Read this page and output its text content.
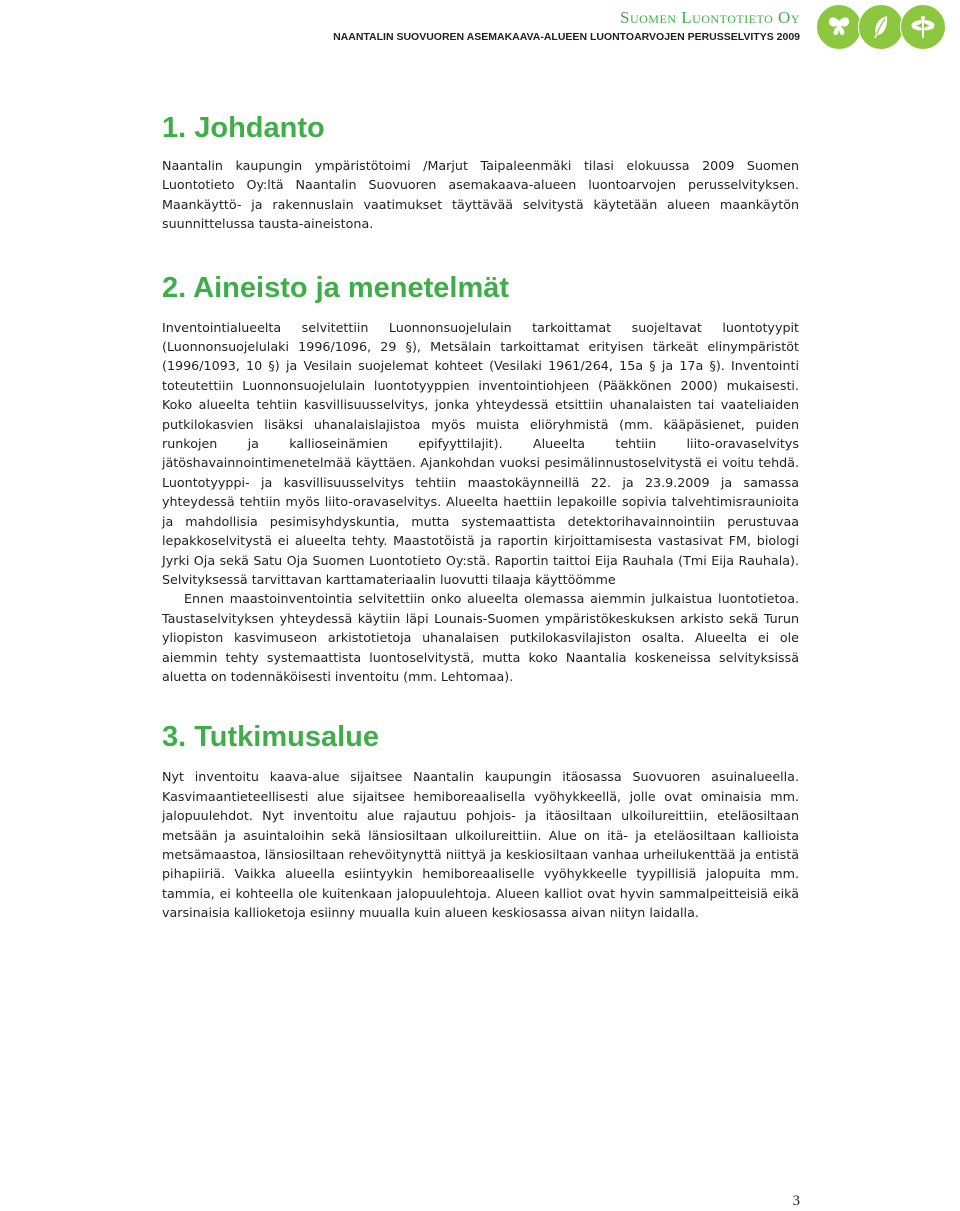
Suomen Luontotieto Oy
NAANTALIN SUOVUOREN ASEMAKAAVA-ALUEEN LUONTOARVOJEN PERUSSELVITYS 2009
1. Johdanto

Naantalin kaupungin ympäristötoimi /Marjut Taipaleenmäki tilasi elokuussa 2009 Suomen Luontotieto Oy:ltä Naantalin Suovuoren asemakaava-alueen luontoarvojen perusselvityksen. Maankäyttö- ja rakennuslain vaatimukset täyttävää selvitystä käytetään alueen maankäytön suunnittelussa tausta-aineistona.

2. Aineisto ja menetelmät

Inventointialueelta selvitettiin Luonnonsuojelulain tarkoittamat suojeltavat luontotyypit (Luonnonsuojelulaki 1996/1096, 29 §), Metsälain tarkoittamat erityisen tärkeät elinympäristöt (1996/1093, 10 §) ja Vesilain suojelemat kohteet (Vesilaki 1961/264, 15a § ja 17a §). Inventointi toteutettiin Luonnonsuojelulain luontotyyppien inventointiohjeen (Pääkkönen 2000) mukaisesti. Koko alueelta tehtiin kasvillisuusselvitys, jonka yhteydessä etsittiin uhanalaisten tai vaateliaiden putkilokasvien lisäksi uhanalaislajistoa myös muista eliöryhmistä (mm. kääpäsienet, puiden runkojen ja kallioseinämien epifyyttilajit). Alueelta tehtiin liito-oravaselvitys jätöshavainnointimenetelmää käyttäen. Ajankohdan vuoksi pesimälinnustoselvitystä ei voitu tehdä. Luontotyyppi- ja kasvillisuusselvitys tehtiin maastokäynneillä 22. ja 23.9.2009 ja samassa yhteydessä tehtiin myös liito-oravaselvitys. Alueelta haettiin lepakoille sopivia talvehtimisraunioita ja mahdollisia pesimisyhdyskuntia, mutta systemaattista detektorihavainnointiin perustuvaa lepakkoselvitystä ei alueelta tehty. Maastotöistä ja raportin kirjoittamisesta vastasivat FM, biologi Jyrki Oja sekä Satu Oja Suomen Luontotieto Oy:stä. Raportin taittoi Eija Rauhala (Tmi Eija Rauhala). Selvityksessä tarvittavan karttamateriaalin luovutti tilaaja käyttöömme

Ennen maastoinventointia selvitettiin onko alueelta olemassa aiemmin julkaistua luontotietoa. Taustaselvityksen yhteydessä käytiin läpi Lounais-Suomen ympäristökeskuksen arkisto sekä Turun yliopiston kasvimuseon arkistotietoja uhanalaisen putkilokasvilajiston osalta. Alueelta ei ole aiemmin tehty systemaattista luontoselvitystä, mutta koko Naantalia koskeneissa selvityksissä aluetta on todennäköisesti inventoitu (mm. Lehtomaa).

3. Tutkimusalue

Nyt inventoitu kaava-alue sijaitsee Naantalin kaupungin itäosassa Suovuoren asuinalueella. Kasvimaantieteellisesti alue sijaitsee hemiboreaalisella vyöhykkeellä, jolle ovat ominaisia mm. jalopuulehdot. Nyt inventoitu alue rajautuu pohjois- ja itäosiltaan ulkoilureittiin, eteläosiltaan metsään ja asuintaloihin sekä länsiosiltaan ulkoilureittiin. Alue on itä- ja eteläosiltaan kallioista metsämaastoa, länsiosiltaan rehevöitynyttä niittyä ja keskiosiltaan vanhaa urheilukenttää ja entistä pihapiiriä. Vaikka alueella esiintyykin hemiboreaaliselle vyöhykkeelle tyypillisiä jalopuita mm. tammia, ei kohteella ole kuitenkaan jalopuulehtoja. Alueen kalliot ovat hyvin sammalpeitteisiä eikä varsinaisia kallioketoja esiinny muualla kuin alueen keskiosassa aivan niityn laidalla.

3
